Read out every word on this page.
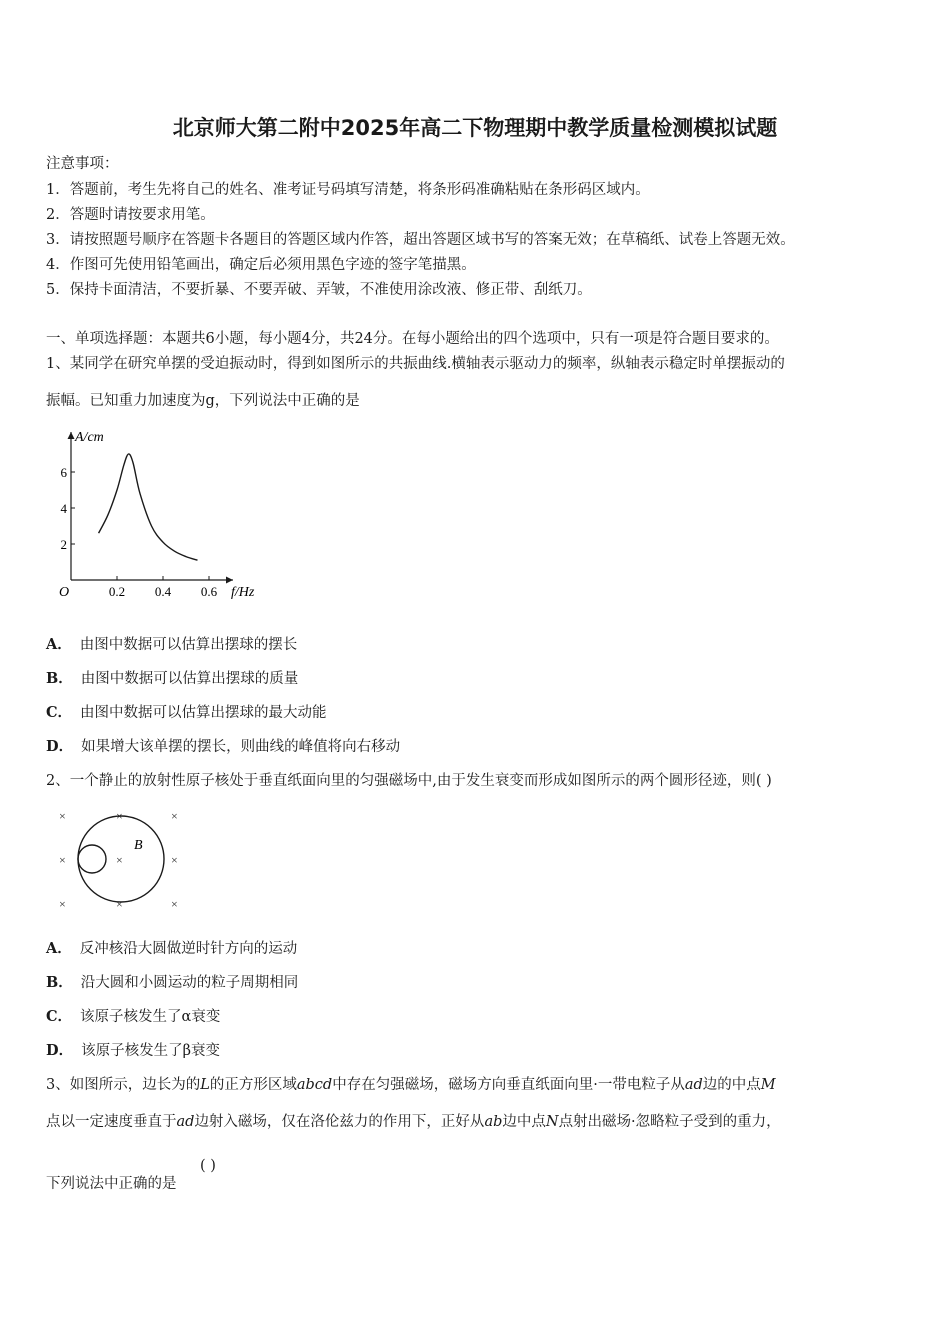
北京师大第二附中2025年高二下物理期中教学质量检测模拟试题
注意事项：
1．答题前，考生先将自己的姓名、准考证号码填写清楚，将条形码准确粘贴在条形码区域内。
2．答题时请按要求用笔。
3．请按照题号顺序在答题卡各题目的答题区域内作答，超出答题区域书写的答案无效；在草稿纸、试卷上答题无效。
4．作图可先使用铅笔画出，确定后必须用黑色字迹的签字笔描黑。
5．保持卡面清洁，不要折暴、不要弄破、弄皱，不准使用涂改液、修正带、刮纸刀。
一、单项选择题：本题共6小题，每小题4分，共24分。在每小题给出的四个选项中，只有一项是符合题目要求的。
1、某同学在研究单摆的受迫振动时，得到如图所示的共振曲线.横轴表示驱动力的频率，纵轴表示稳定时单摆振动的
振幅。已知重力加速度为g，下列说法中正确的是
A/cm
f/Hz
O	0.2 0.4 0.6
2
4
6
A． 由图中数据可以估算出摆球的摆长
B． 由图中数据可以估算出摆球的质量
C． 由图中数据可以估算出摆球的最大动能
D． 如果增大该单摆的摆长，则曲线的峰值将向右移动
2、一个静止的放射性原子核处于垂直纸面向里的匀强磁场中,由于发生衰变而形成如图所示的两个圆形径迹，则( )
×	×	×
×	×	×
×	×	×
B
A． 反冲核沿大圆做逆时针方向的运动
B． 沿大圆和小圆运动的粒子周期相同
C． 该原子核发生了α衰变
D． 该原子核发生了β衰变
3、如图所示，边长为的L的正方形区域abcd中存在匀强磁场，磁场方向垂直纸面向里·一带电粒子从ad边的中点M
点以一定速度垂直于ad边射入磁场，仅在洛伦兹力的作用下，正好从ab边中点N点射出磁场·忽略粒子受到的重力，
下列说法中正确的是
( )
